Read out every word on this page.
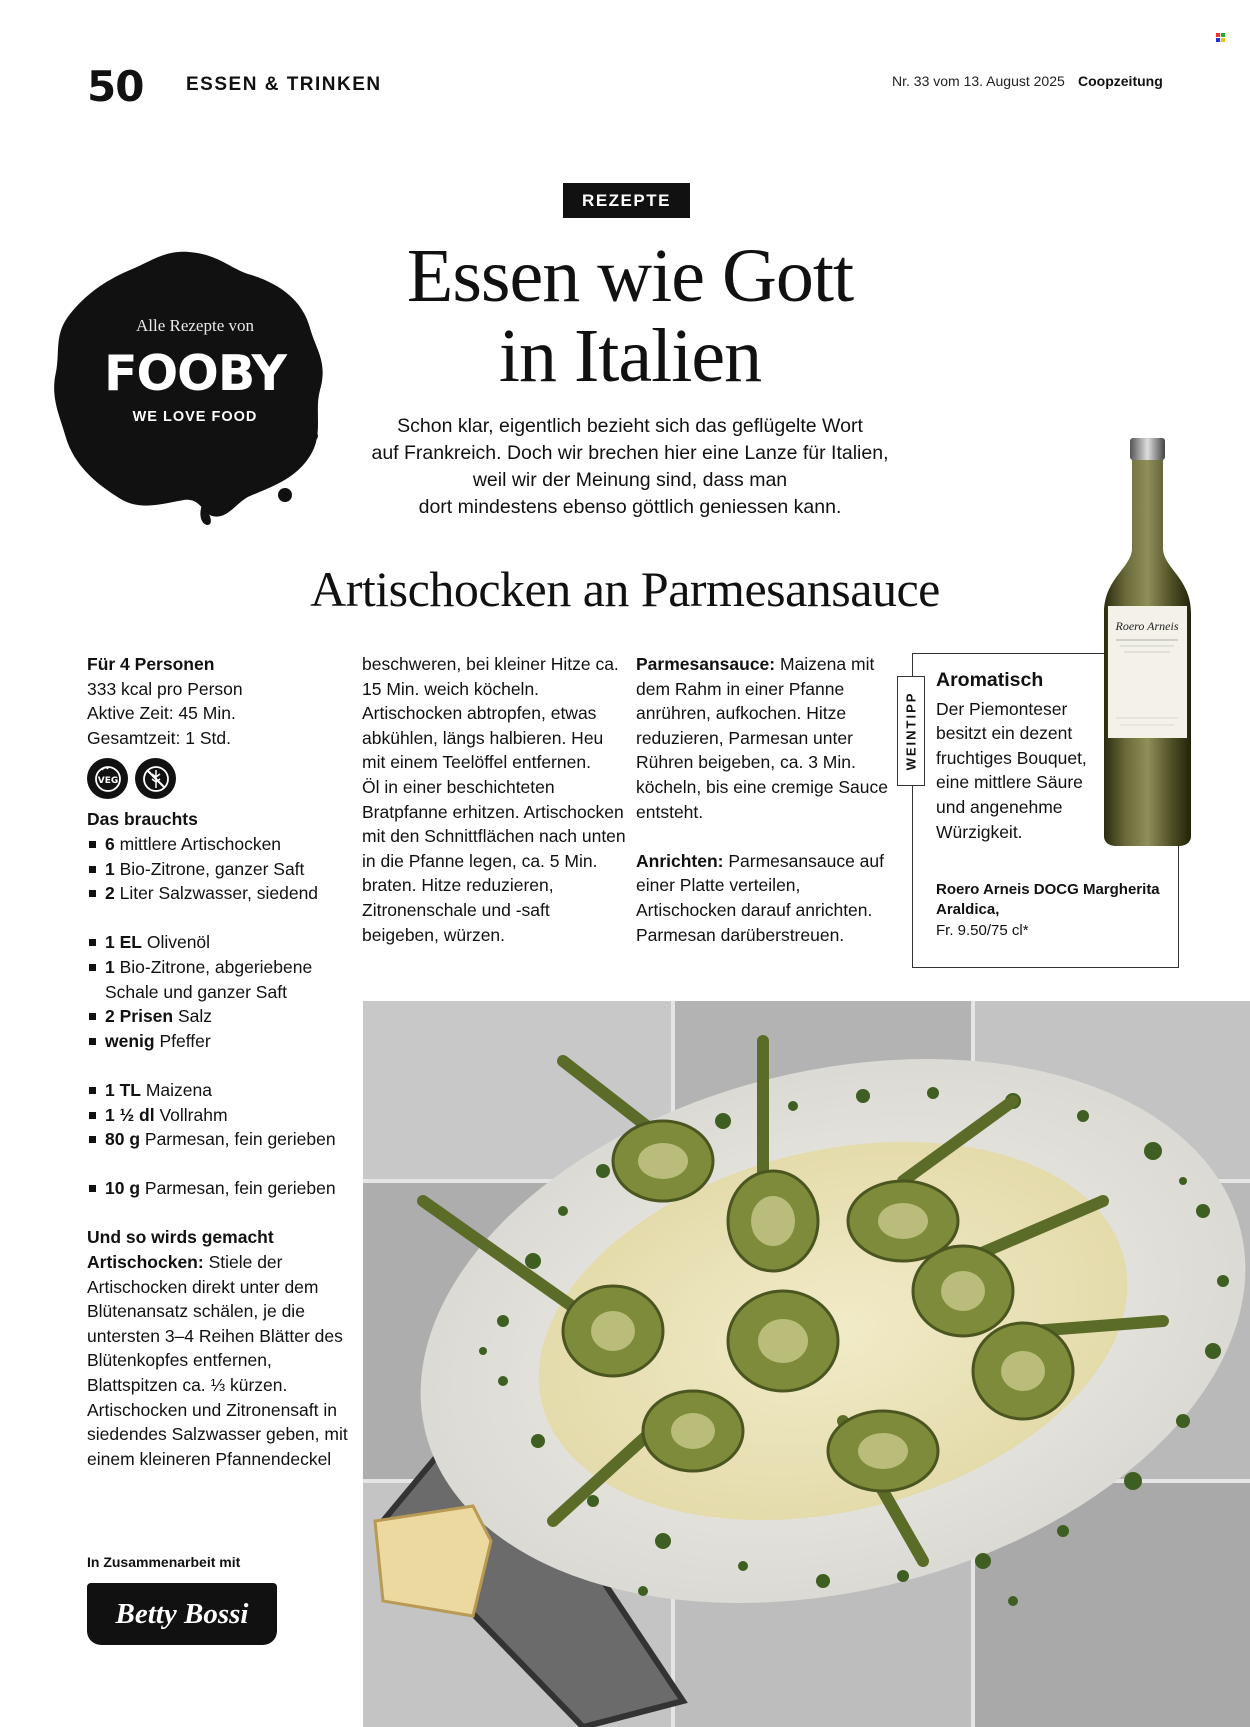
50 ESSEN & TRINKEN	Nr. 33 vom 13. August 2025 Coopzeitung
REZEPTE
Essen wie Gott
in Italien
Schon klar, eigentlich bezieht sich das geflügelte Wort
auf Frankreich. Doch wir brechen hier eine Lanze für Italien,
weil wir der Meinung sind, dass man
dort mindestens ebenso göttlich geniessen kann.
Alle Rezepte von
FOOBY
WE LOVE FOOD
Artischocken an Parmesansauce
Für 4 Personen
333 kcal pro Person
Aktive Zeit: 45 Min.
Gesamtzeit: 1 Std.
VEG
GF
Das brauchts
6 mittlere Artischocken
1 Bio-Zitrone, ganzer Saft
2 Liter Salzwasser, siedend
1 EL Olivenöl
1 Bio-Zitrone, abgeriebene Schale und ganzer Saft
2 Prisen Salz
wenig Pfeffer
1 TL Maizena
1 ½ dl Vollrahm
80 g Parmesan, fein gerieben
10 g Parmesan, fein gerieben
Und so wirds gemacht
Artischocken: Stiele der Artischocken direkt unter dem Blütenansatz schälen, je die untersten 3–4 Reihen Blätter des Blütenkopfes entfernen, Blattspitzen ca. ⅓ kürzen. Artischocken und Zitronensaft in siedendes Salzwasser geben, mit einem kleineren Pfannendeckel
beschweren, bei kleiner Hitze ca. 15 Min. weich köcheln. Artischocken abtropfen, etwas abkühlen, längs halbieren. Heu mit einem Teelöffel entfernen.
Öl in einer beschichteten Bratpfanne erhitzen. Artischocken mit den Schnittflächen nach unten in die Pfanne legen, ca. 5 Min. braten. Hitze reduzieren, Zitronenschale und -saft beigeben, würzen.
Parmesansauce: Maizena mit dem Rahm in einer Pfanne anrühren, aufkochen. Hitze reduzieren, Parmesan unter Rühren beigeben, ca. 3 Min. köcheln, bis eine cremige Sauce entsteht.
Anrichten: Parmesansauce auf einer Platte verteilen, Artischocken darauf anrichten. Parmesan darüberstreuen.
WEINTIPP
Aromatisch
Der Piemonteser besitzt ein dezent fruchtiges Bouquet, eine mittlere Säure und angenehme Würzigkeit.
Roero Arneis DOCG Margherita Araldica,
Fr. 9.50/75 cl*
Roero Arneis
In Zusammenarbeit mit
Betty Bossi
